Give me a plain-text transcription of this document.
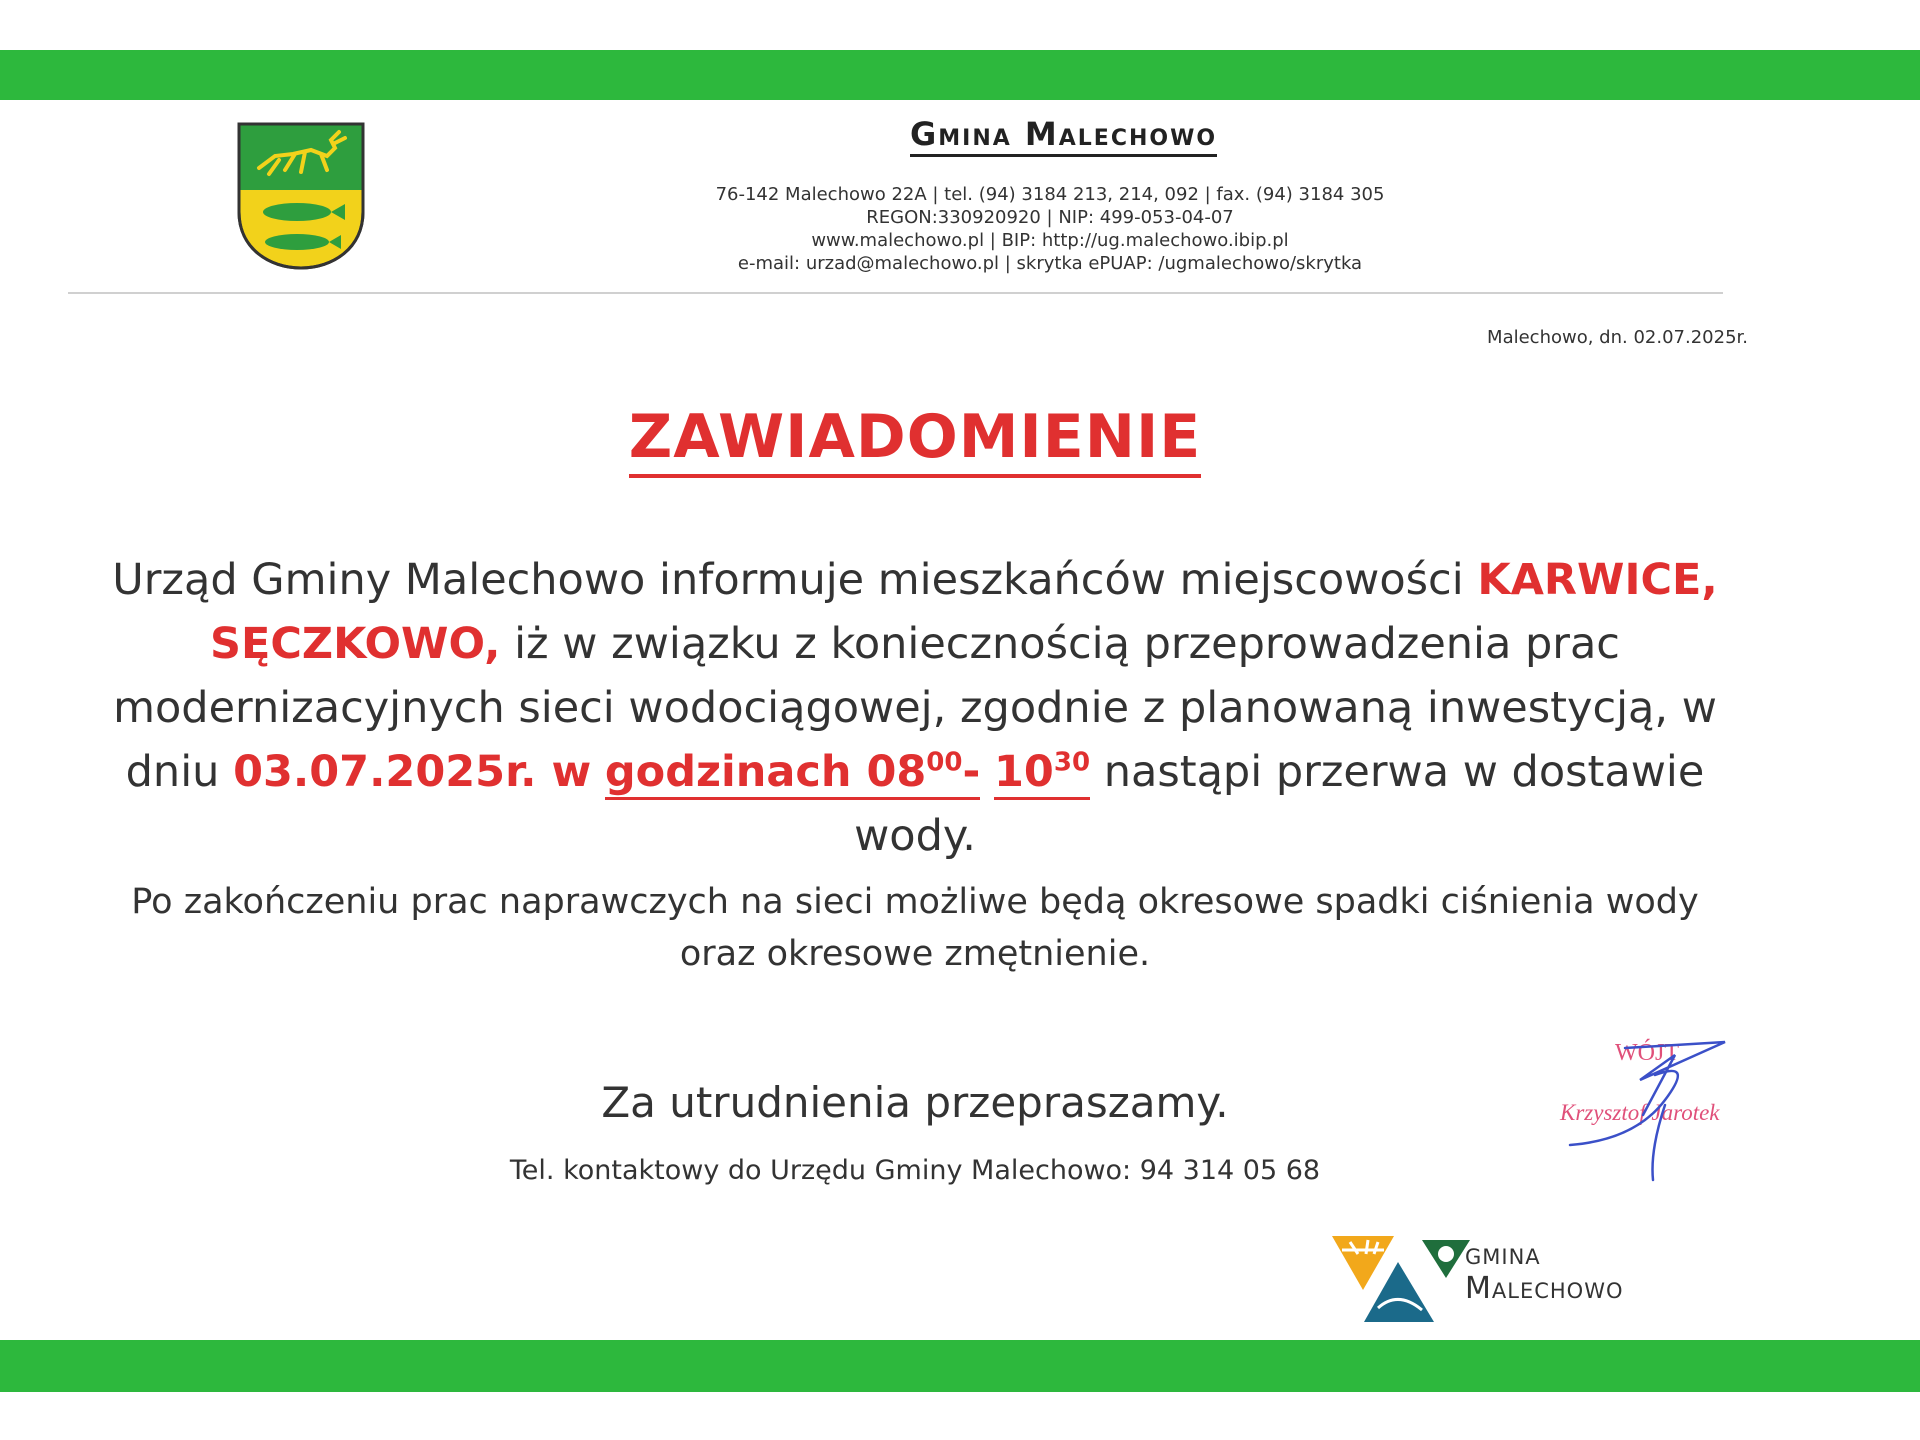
Gmina Malechowo
76-142 Malechowo 22A | tel. (94) 3184 213, 214, 092 | fax. (94) 3184 305
REGON:330920920 | NIP: 499-053-04-07
www.malechowo.pl | BIP: http://ug.malechowo.ibip.pl
e-mail: urzad@malechowo.pl | skrytka ePUAP: /ugmalechowo/skrytka
Malechowo, dn. 02.07.2025r.
ZAWIADOMIENIE

Urząd Gminy Malechowo informuje mieszkańców miejscowości KARWICE, SĘCZKOWO, iż w związku z koniecznością przeprowadzenia prac modernizacyjnych sieci wodociągowej, zgodnie z planowaną inwestycją, w dniu 03.07.2025r. w godzinach $08^{00}-$ $10^{30}$ nastąpi przerwa w dostawie wody.

Po zakończeniu prac naprawczych na sieci możliwe będą okresowe spadki ciśnienia wody oraz okresowe zmętnienie.

Za utrudnienia przepraszamy.

Tel. kontaktowy do Urzędu Gminy Malechowo: 94 314 05 68

WÓJT
Krzysztof Jarotek
GMINA
Malechowo
